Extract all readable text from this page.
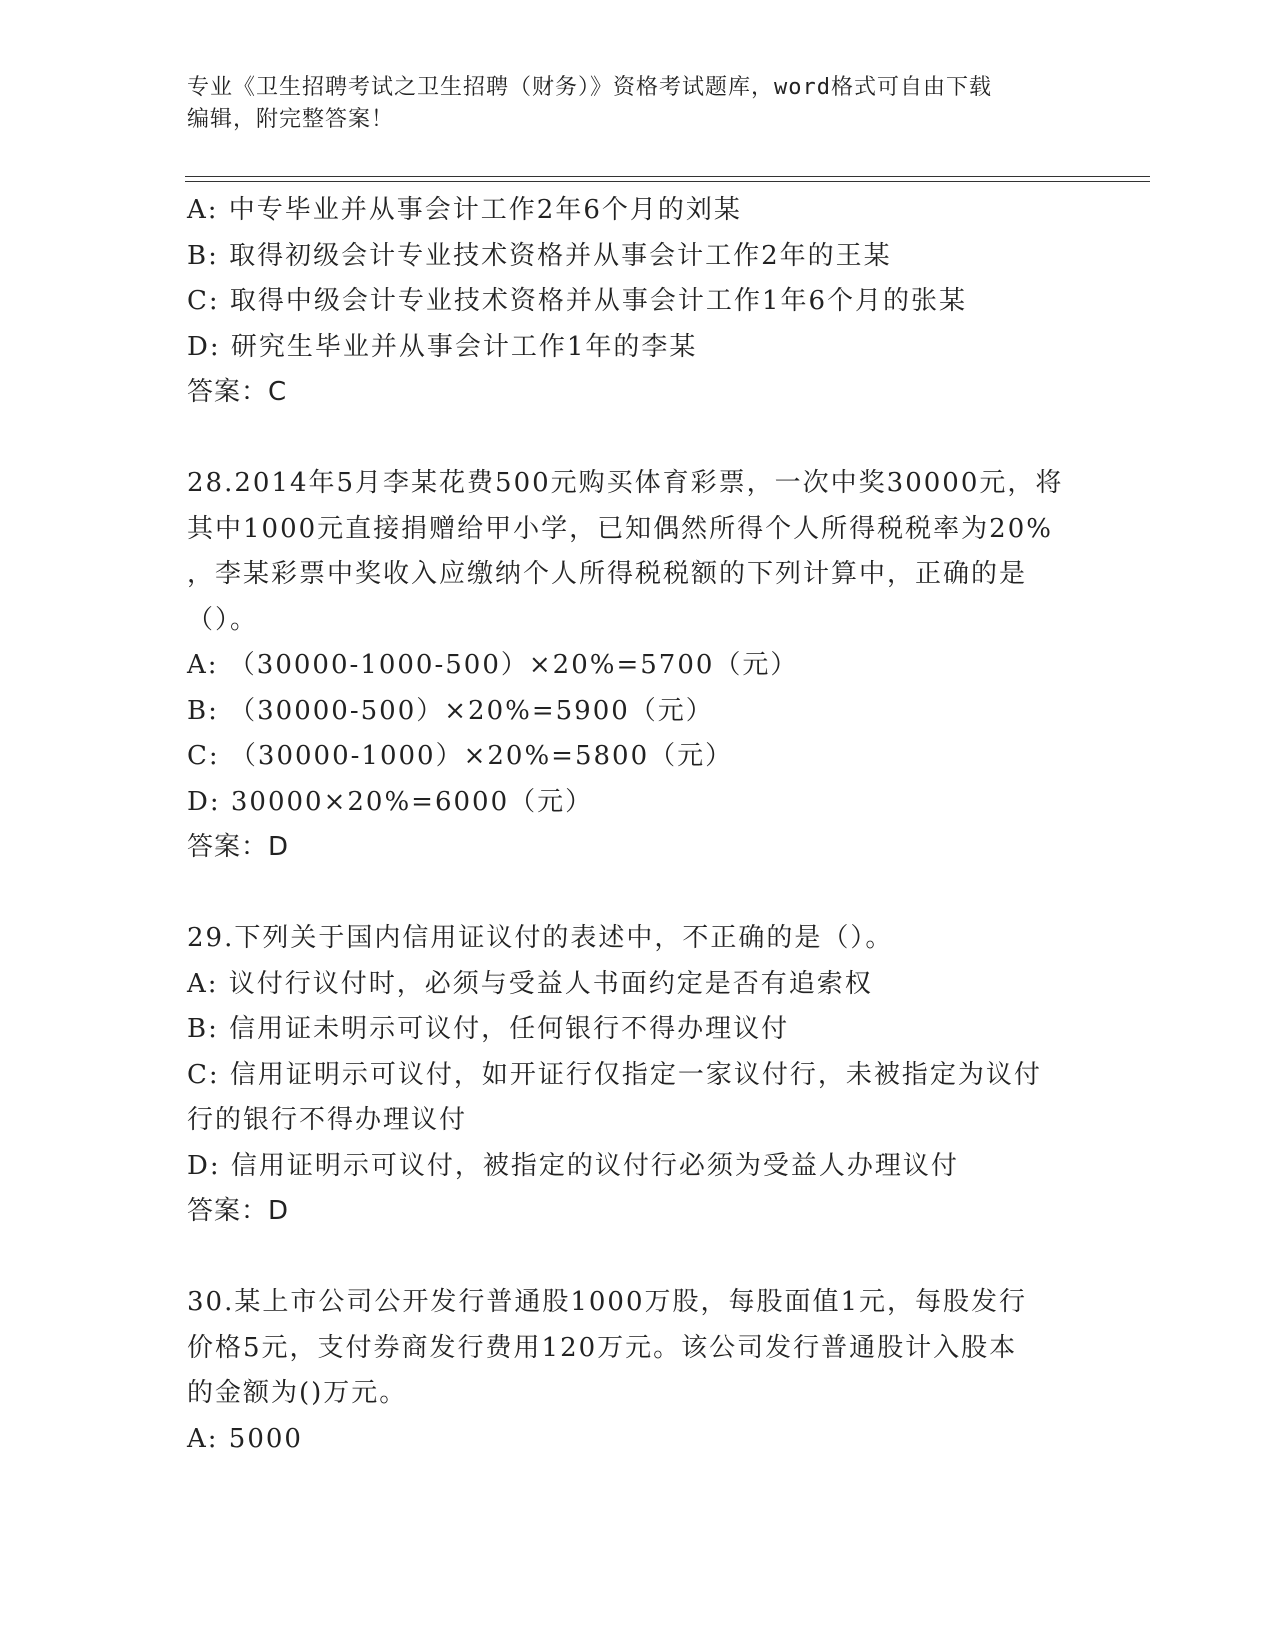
专业《卫生招聘考试之卫生招聘（财务）》资格考试题库，word格式可自由下载
编辑，附完整答案！
A: 中专毕业并从事会计工作2年6个月的刘某
B: 取得初级会计专业技术资格并从事会计工作2年的王某
C: 取得中级会计专业技术资格并从事会计工作1年6个月的张某
D: 研究生毕业并从事会计工作1年的李某
答案：C
28.2014年5月李某花费500元购买体育彩票，一次中奖30000元，将
其中1000元直接捐赠给甲小学，已知偶然所得个人所得税税率为20%
，李某彩票中奖收入应缴纳个人所得税税额的下列计算中，正确的是
（）。
A: （30000-1000-500）×20%=5700（元）
B: （30000-500）×20%=5900（元）
C: （30000-1000）×20%=5800（元）
D: 30000×20%=6000（元）
答案：D
29.下列关于国内信用证议付的表述中，不正确的是（）。
A: 议付行议付时，必须与受益人书面约定是否有追索权
B: 信用证未明示可议付，任何银行不得办理议付
C: 信用证明示可议付，如开证行仅指定一家议付行，未被指定为议付
行的银行不得办理议付
D: 信用证明示可议付，被指定的议付行必须为受益人办理议付
答案：D
30.某上市公司公开发行普通股1000万股，每股面值1元，每股发行
价格5元，支付券商发行费用120万元。该公司发行普通股计入股本
的金额为()万元。
A: 5000
